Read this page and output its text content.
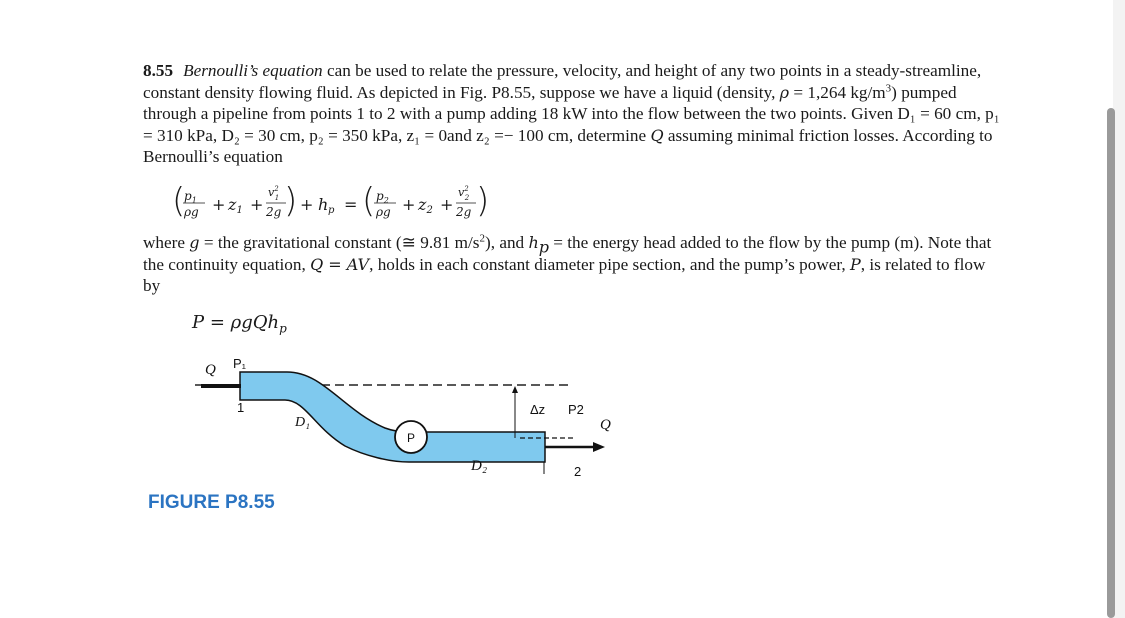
8.55 Bernoulli’s equation can be used to relate the pressure, velocity, and height of any two points in a steady-streamline, constant density flowing fluid. As depicted in Fig. P8.55, suppose we have a liquid (density, ρ = 1,264 $kg/m^3$) pumped through a pipeline from points 1 to 2 with a pump adding 18 kW into the flow between the two points. Given D₁ = 60 cm, p₁ = 310 kPa, D₂ = 30 cm, p₂ = 350 kPa, z₁ = 0and z₂ =− 100 cm, determine Q assuming minimal friction losses. According to Bernoulli’s equation
(
$p_1$
ρg + z1 +
$v^2$ 1
2g ) + h p = ( $p_2$
ρg + z2 +
$v^2$ 2
2g )
where g = the gravitational constant (≅ 9.81 $m/s^2$), and $h_p$ = the energy head added to the flow by the pump (m). Note that the continuity equation, Q = AV, holds in each constant diameter pipe section, and the pump’s power, P, is related to flow by
P = ρgQh$_p$
Q P₁
1
D₁
P
D₂
Δz P2
Q
2
FIGURE P8.55
